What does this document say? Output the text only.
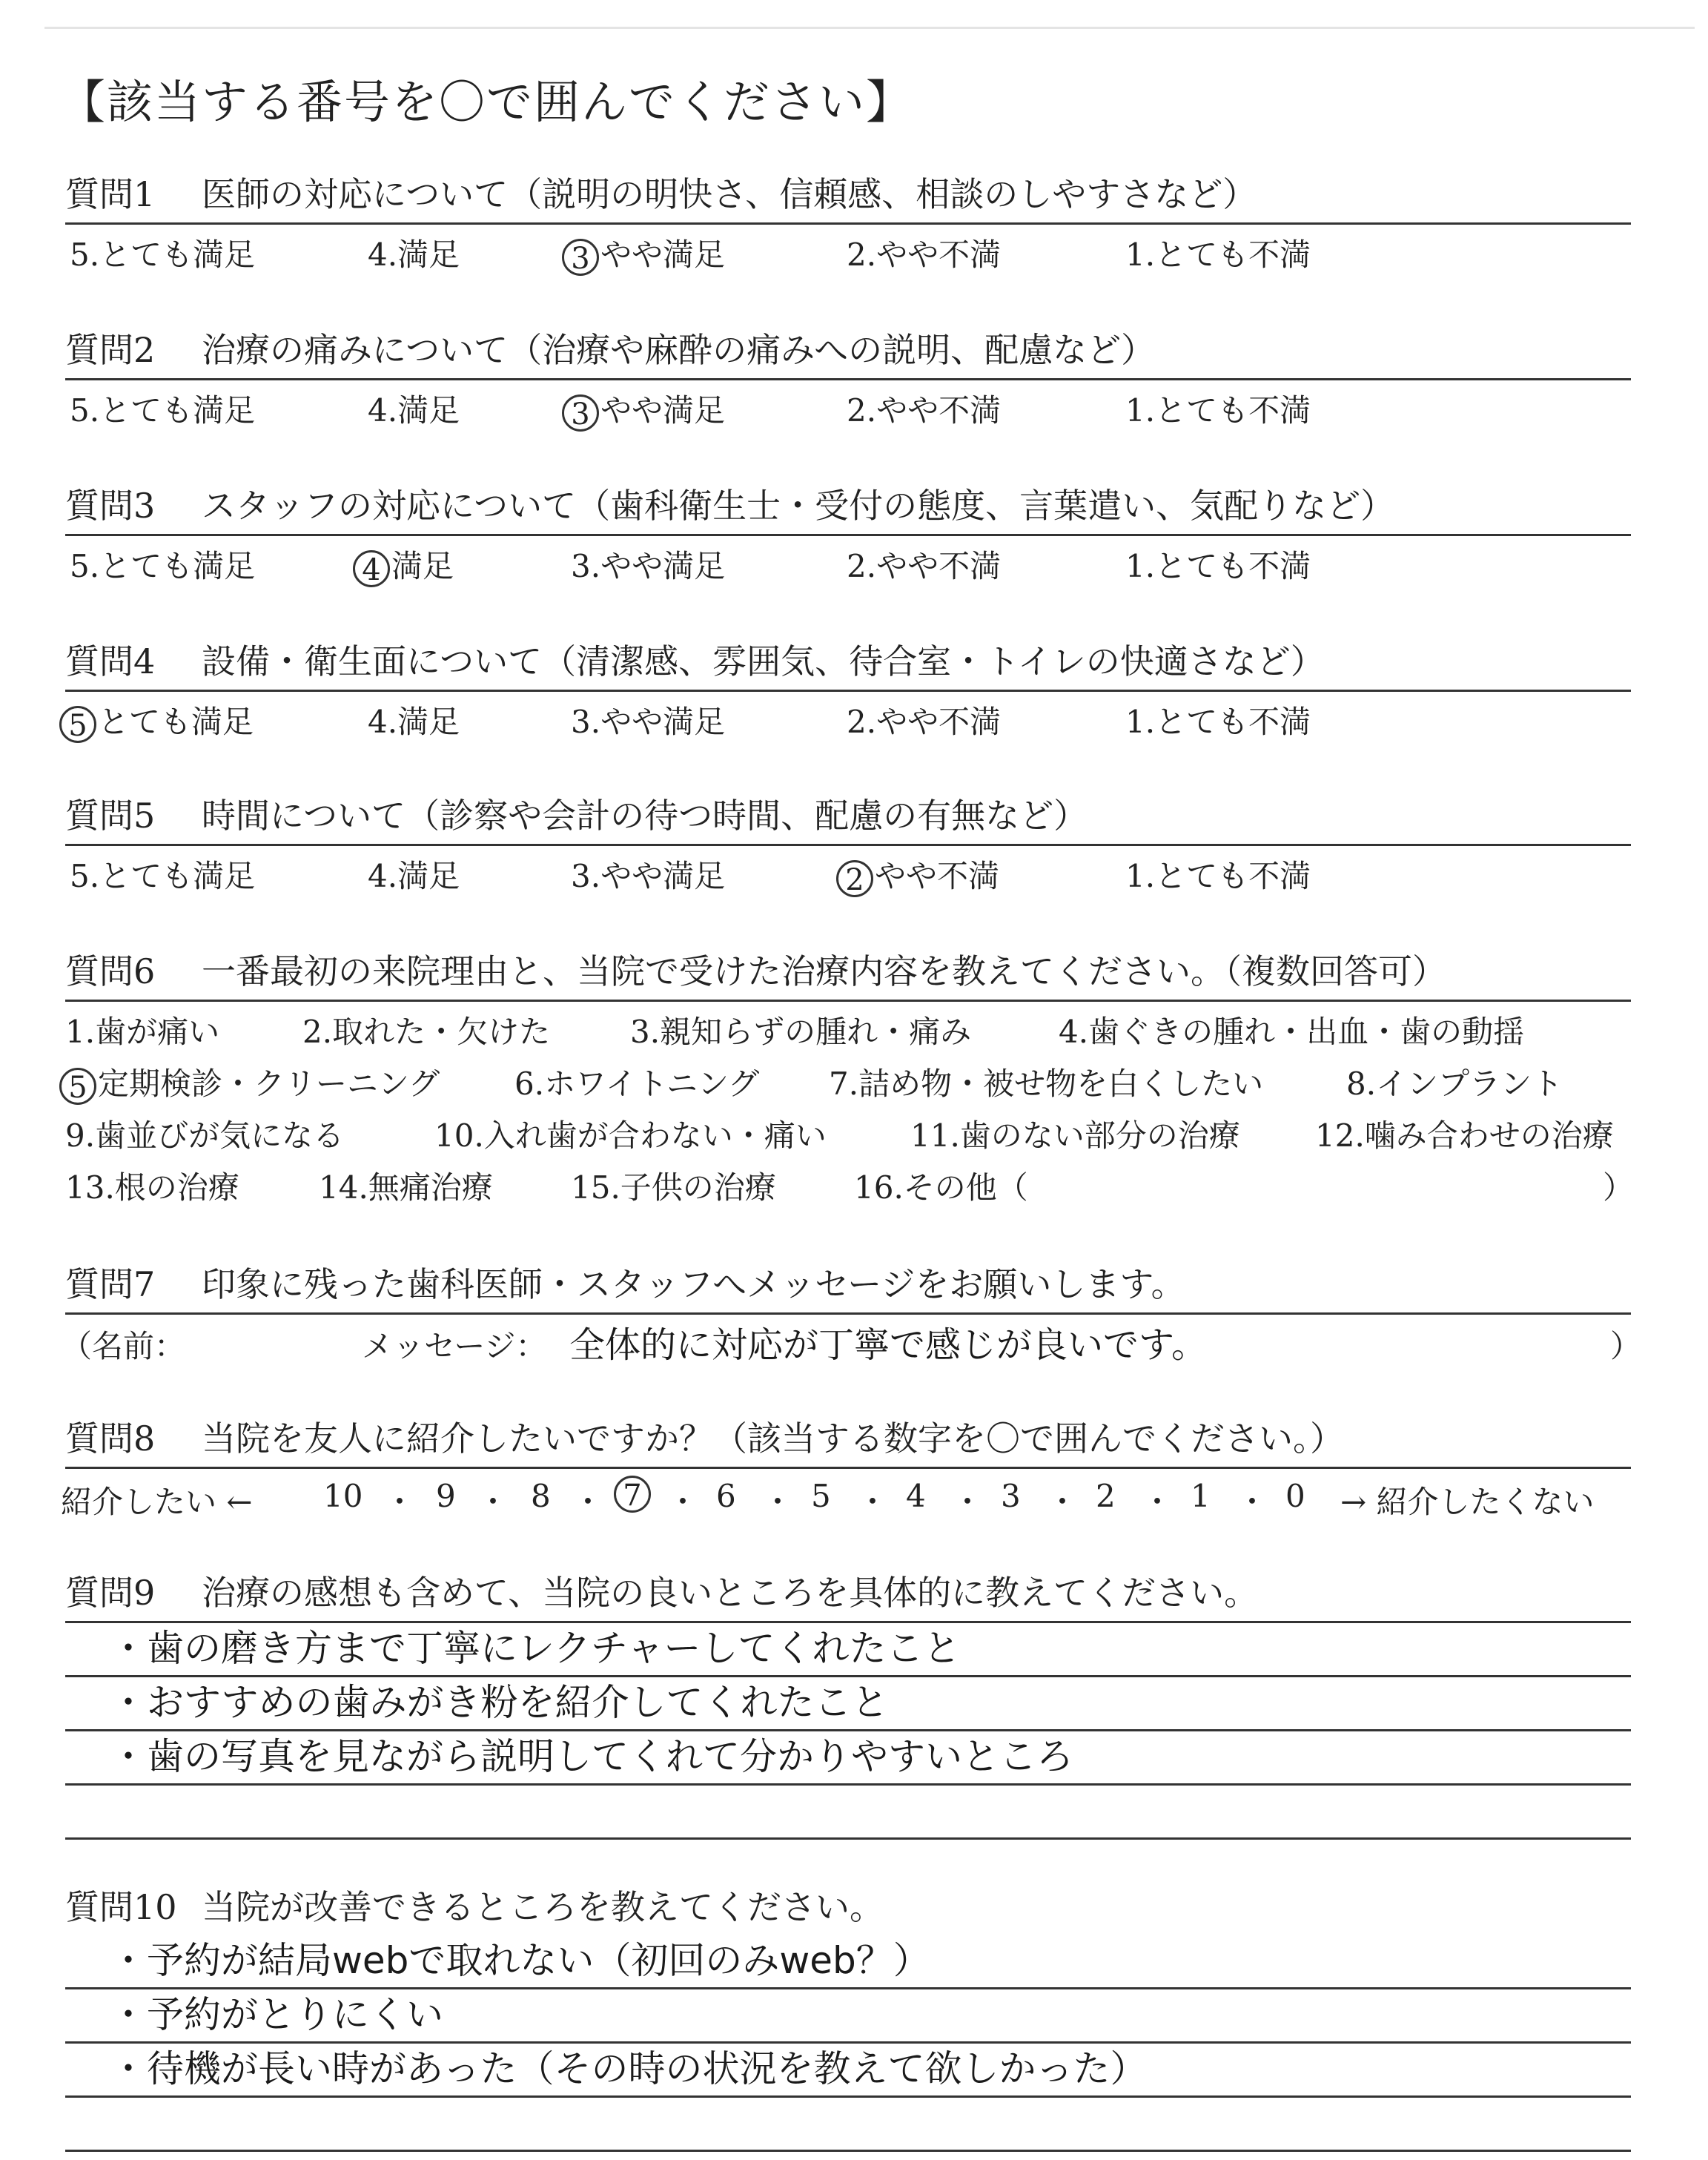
【該当する番号を〇で囲んでください】
質問1 医師の対応について（説明の明快さ、信頼感、相談のしやすさなど）
5.とても満足	4.満足	3 やや満足	2.やや不満	1.とても不満
質問2 治療の痛みについて（治療や麻酔の痛みへの説明、配慮など）
5.とても満足	4.満足	3 やや満足	2.やや不満	1.とても不満
質問3 スタッフの対応について（歯科衛生士・受付の態度、言葉遣い、気配りなど）
5.とても満足	4 満足	3.やや満足	2.やや不満	1.とても不満
質問4 設備・衛生面について（清潔感、雰囲気、待合室・トイレの快適さなど）
5 とても満足	4.満足	3.やや満足	2.やや不満	1.とても不満
質問5 時間について（診察や会計の待つ時間、配慮の有無など）
5.とても満足	4.満足	3.やや満足	2 やや不満	1.とても不満
質問6 一番最初の来院理由と、当院で受けた治療内容を教えてください。（複数回答可）
1.歯が痛い	2.取れた・欠けた	3.親知らずの腫れ・痛み	4.歯ぐきの腫れ・出血・歯の動揺
5 定期検診・クリーニング 6.ホワイトニング 7.詰め物・被せ物を白くしたい	8.インプラント
9.歯並びが気になる	10.入れ歯が合わない・痛い	11.歯のない部分の治療 12.噛み合わせの治療
13.根の治療	14.無痛治療	15.子供の治療	16.その他（	）
質問7 印象に残った歯科医師・スタッフへメッセージをお願いします。
（名前：	メッセージ： 全体的に対応が丁寧で感じが良いです。	）
質問8 当院を友人に紹介したいですか？（該当する数字を〇で囲んでください。）
紹介したい ← 10 ・ 9 ・ 8 ・ 7 ・ 6 ・ 5 ・ 4 ・ 3 ・ 2 ・ 1 ・ 0 → 紹介したくない
質問9 治療の感想も含めて、当院の良いところを具体的に教えてください。
・歯の磨き方まで丁寧にレクチャーしてくれたこと
・おすすめの歯みがき粉を紹介してくれたこと
・歯の写真を見ながら説明してくれて分かりやすいところ
質問10 当院が改善できるところを教えてください。
・予約が結局webで取れない（初回のみweb？）
・予約がとりにくい
・待機が長い時があった（その時の状況を教えて欲しかった）
